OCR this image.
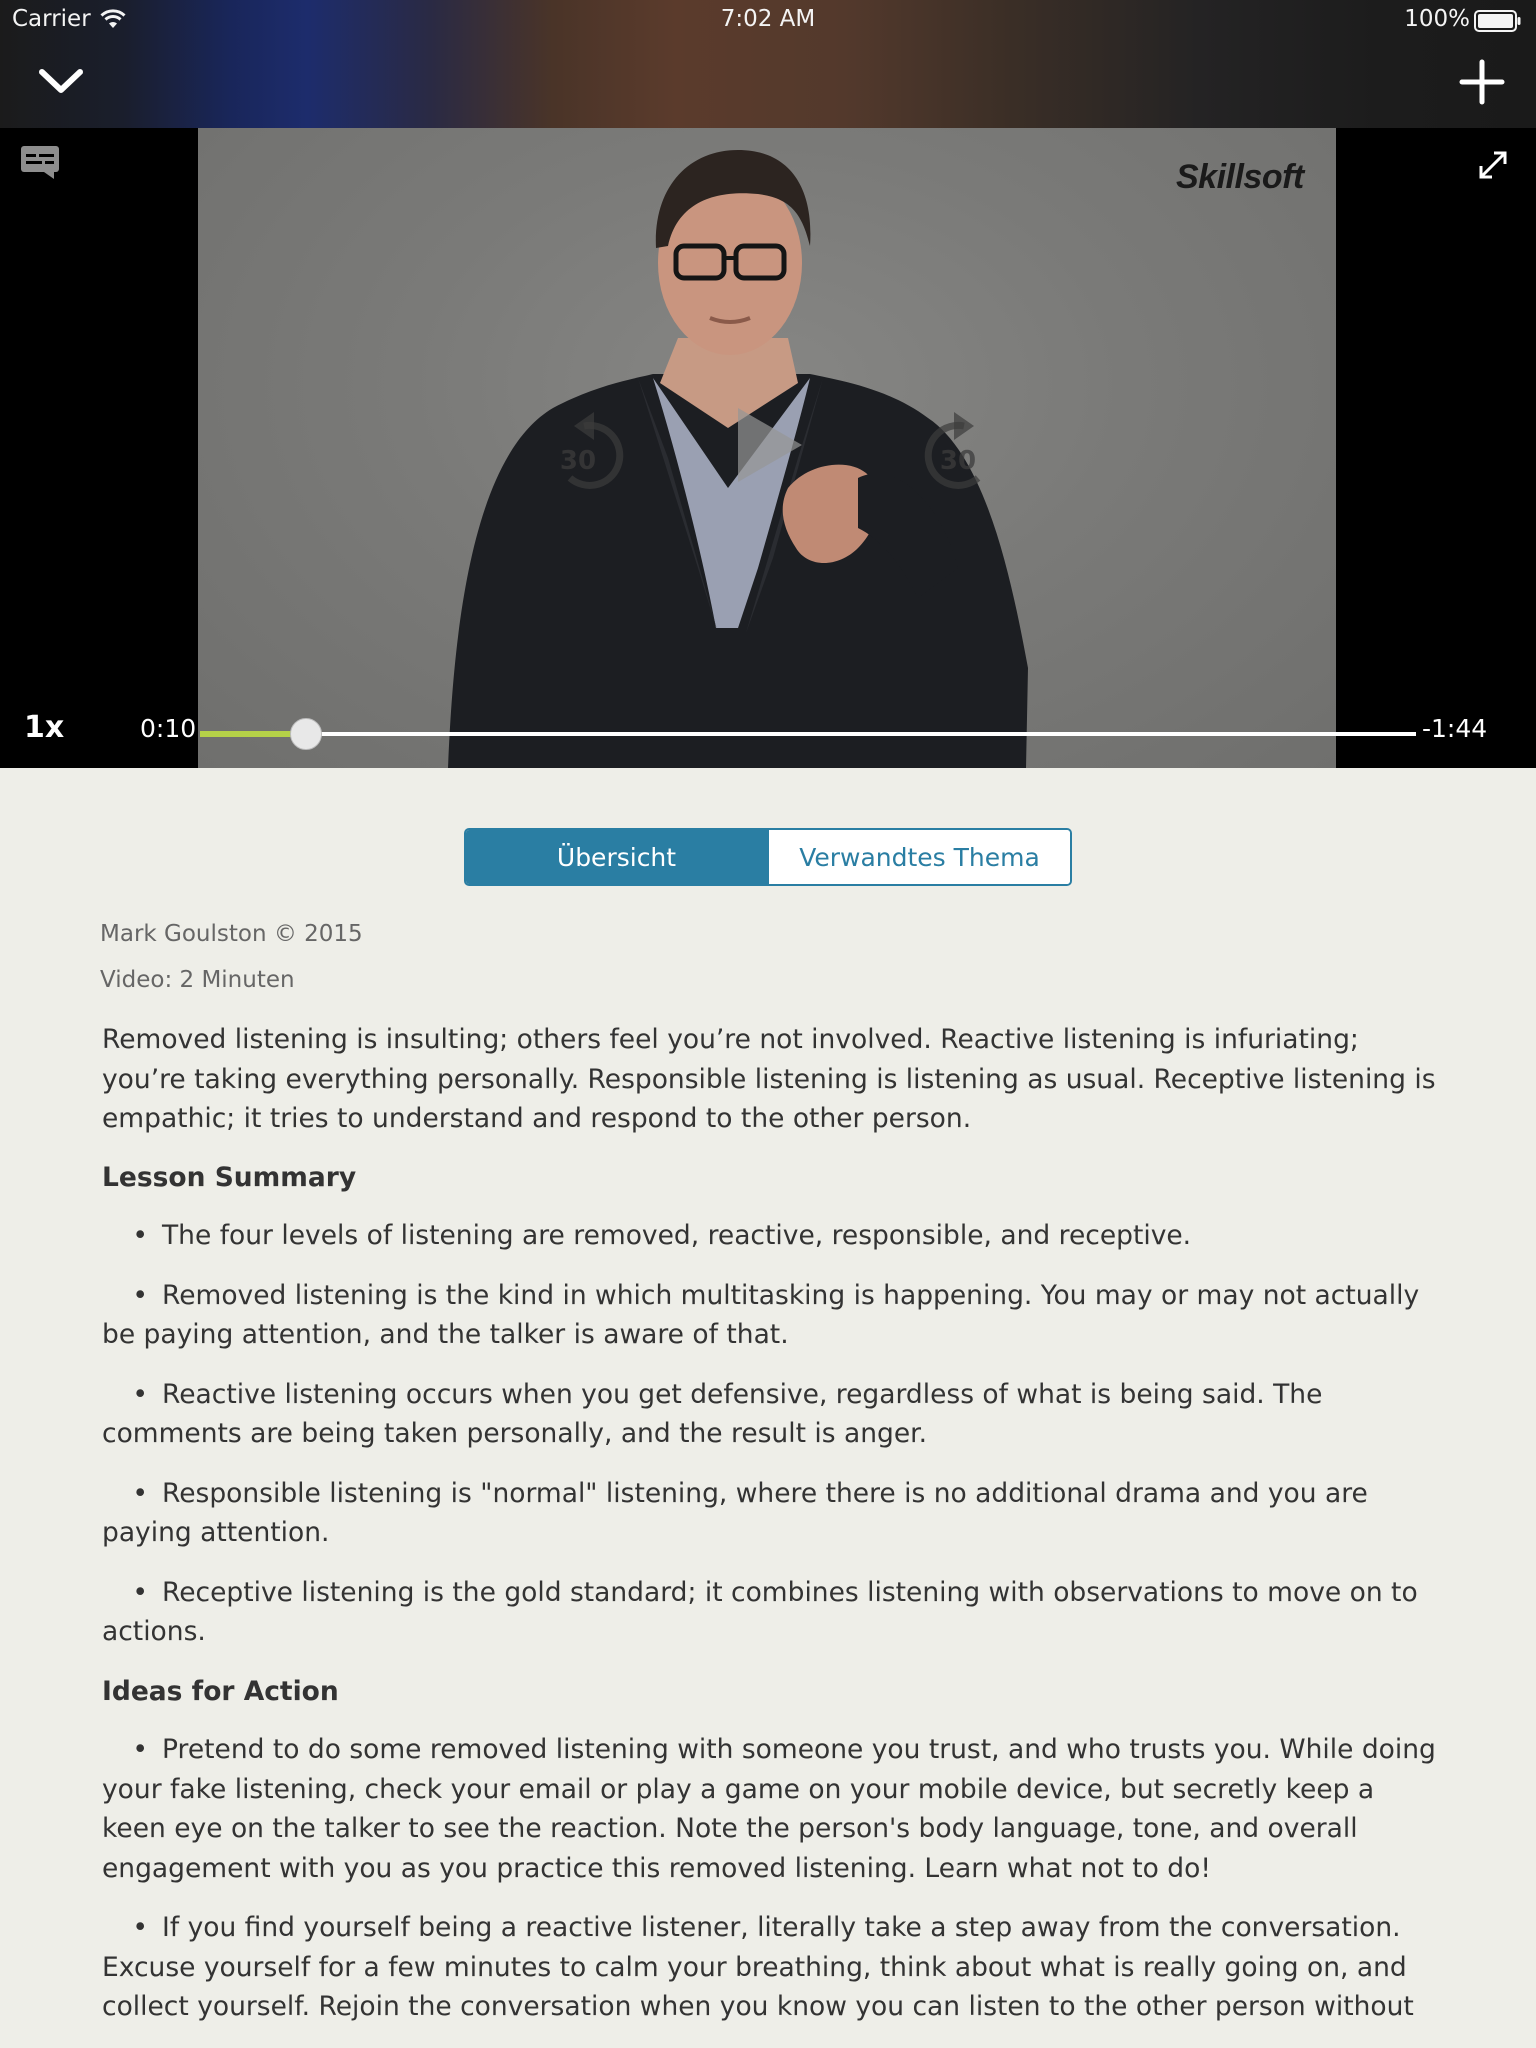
Carrier	7:02 AM	100%
Skillsoft
30	30
1x	0:10	-1:44
Übersicht	Verwandtes Thema

Mark Goulston © 2015

Video: 2 Minuten

Removed listening is insulting; others feel you’re not involved. Reactive listening is infuriating; you’re taking everything personally. Responsible listening is listening as usual. Receptive listening is empathic; it tries to understand and respond to the other person.

Lesson Summary

• The four levels of listening are removed, reactive, responsible, and receptive.

• Removed listening is the kind in which multitasking is happening. You may or may not actually be paying attention, and the talker is aware of that.

• Reactive listening occurs when you get defensive, regardless of what is being said. The comments are being taken personally, and the result is anger.

• Responsible listening is "normal" listening, where there is no additional drama and you are paying attention.

• Receptive listening is the gold standard; it combines listening with observations to move on to actions.

Ideas for Action

• Pretend to do some removed listening with someone you trust, and who trusts you. While doing your fake listening, check your email or play a game on your mobile device, but secretly keep a keen eye on the talker to see the reaction. Note the person's body language, tone, and overall engagement with you as you practice this removed listening. Learn what not to do!

• If you find yourself being a reactive listener, literally take a step away from the conversation. Excuse yourself for a few minutes to calm your breathing, think about what is really going on, and collect yourself. Rejoin the conversation when you know you can listen to the other person without
